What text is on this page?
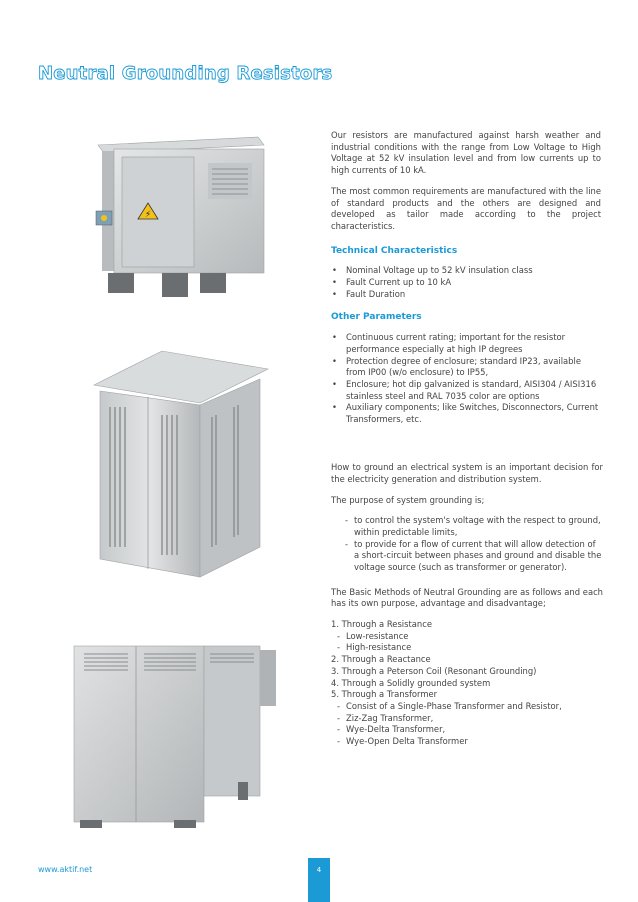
Neutral Grounding Resistors
⚡

Our resistors are manufactured against harsh weather and industrial conditions with the range from Low Voltage to High Voltage at 52 kV insulation level and from low currents up to high currents of 10 kA.

The most common requirements are manufactured with the line of standard products and the others are designed and developed as tailor made according to the project characteristics.

Technical Characteristics
• Nominal Voltage up to 52 kV insulation class
• Fault Current up to 10 kA
• Fault Duration
Other Parameters
• Continuous current rating; important for the resistor performance especially at high IP degrees
• Protection degree of enclosure; standard IP23, available from IP00 (w/o enclosure) to IP55,
• Enclosure; hot dip galvanized is standard, AISI304 / AISI316 stainless steel and RAL 7035 color are options
• Auxiliary components; like Switches, Disconnectors, Current Transformers, etc.

How to ground an electrical system is an important decision for the electricity generation and distribution system.

The purpose of system grounding is;

- to control the system's voltage with the respect to ground, within predictable limits,
- to provide for a flow of current that will allow detection of a short-circuit between phases and ground and disable the voltage source (such as transformer or generator).

The Basic Methods of Neutral Grounding are as follows and each has its own purpose, advantage and disadvantage;

1. Through a Resistance
- Low-resistance
- High-resistance
2. Through a Reactance
3. Through a Peterson Coil (Resonant Grounding)
4. Through a Solidly grounded system
5. Through a Transformer
- Consist of a Single-Phase Transformer and Resistor,
- Ziz-Zag Transformer,
- Wye-Delta Transformer,
- Wye-Open Delta Transformer
www.aktif.net	4
